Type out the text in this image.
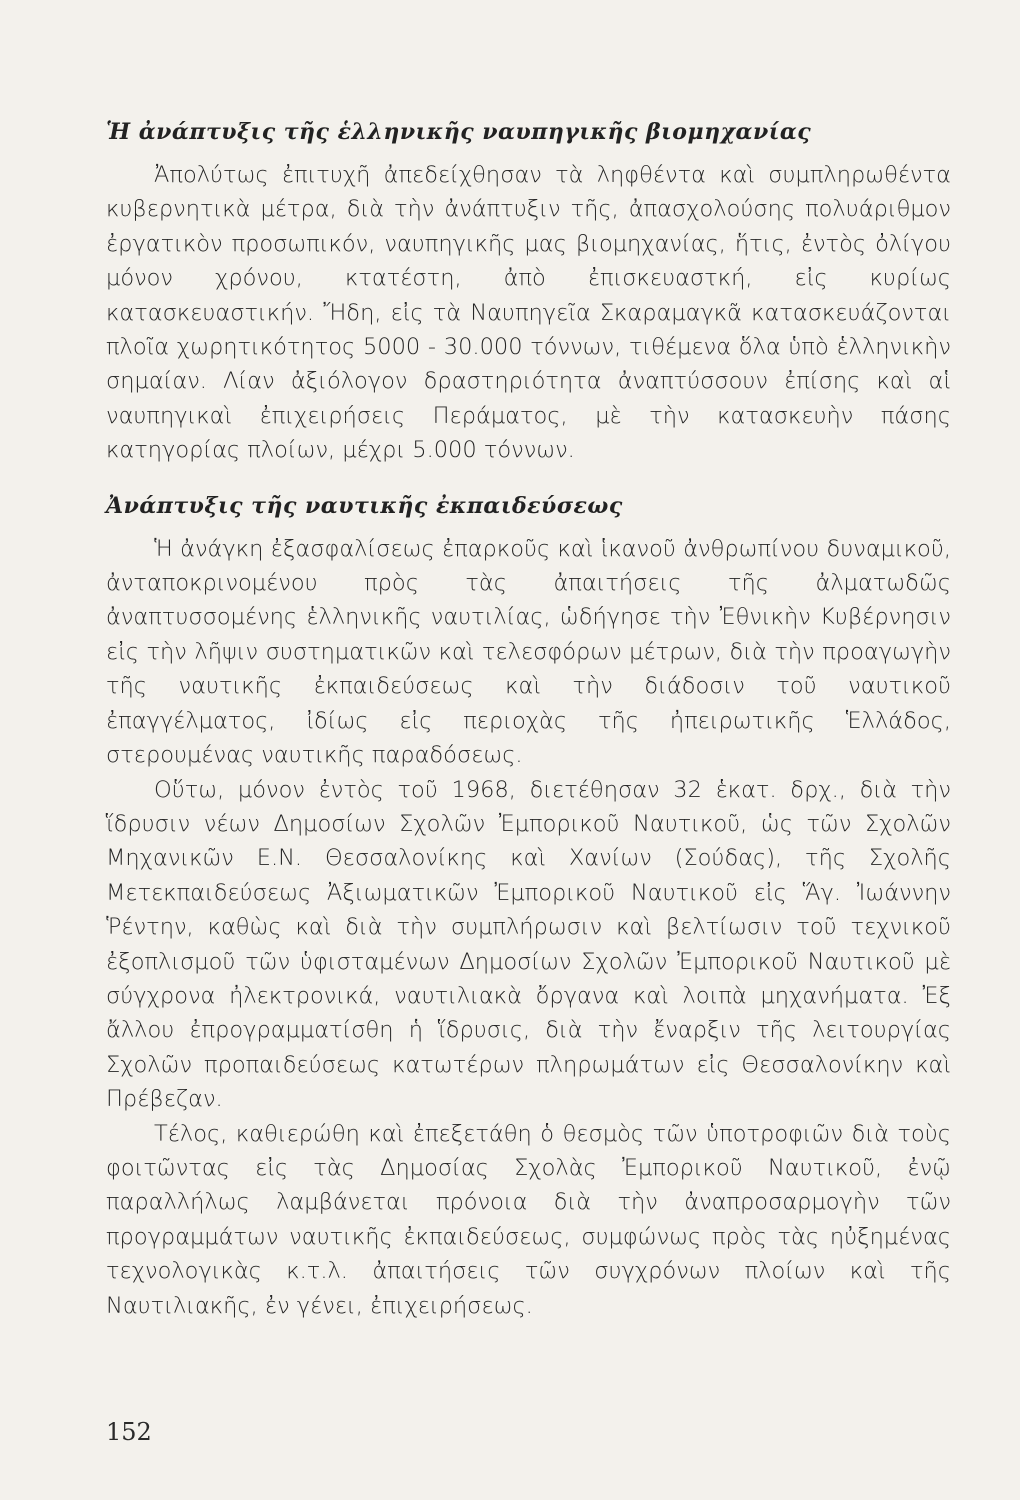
Ἡ ἀνάπτυξις τῆς ἑλληνικῆς ναυπηγικῆς βιομηχανίας

Ἀπολύτως ἐπιτυχῆ ἀπεδείχθησαν τὰ ληφθέντα καὶ συμπληρωθέντα κυβερνητικὰ μέτρα, διὰ τὴν ἀνάπτυξιν τῆς, ἀπασχολούσης πολυάριθμον ἐργατικὸν προσωπικόν, ναυπηγικῆς μας βιομηχανίας, ἥτις, ἐντὸς ὀλίγου μόνον χρόνου, κτατέστη, ἀπὸ ἐπισκευαστκή, εἰς κυρίως κατασκευαστικήν. Ἤδη, εἰς τὰ Ναυπηγεῖα Σκαραμαγκᾶ κατασκευάζονται πλοῖα χωρητικότητος 5000 - 30.000 τόννων, τιθέμενα ὅλα ὑπὸ ἑλληνικὴν σημαίαν. Λίαν ἀξιόλογον δραστηριότητα ἀναπτύσσουν ἐπίσης καὶ αἱ ναυπηγικαὶ ἐπιχειρήσεις Περάματος, μὲ τὴν κατασκευὴν πάσης κατηγορίας πλοίων, μέχρι 5.000 τόννων.

Ἀνάπτυξις τῆς ναυτικῆς ἐκπαιδεύσεως

Ἡ ἀνάγκη ἐξασφαλίσεως ἐπαρκοῦς καὶ ἱκανοῦ ἀνθρωπίνου δυναμικοῦ, ἀνταποκρινομένου πρὸς τὰς ἀπαιτήσεις τῆς ἀλματωδῶς ἀναπτυσσομένης ἑλληνικῆς ναυτιλίας, ὡδήγησε τὴν Ἐθνικὴν Κυβέρνησιν εἰς τὴν λῆψιν συστηματικῶν καὶ τελεσφόρων μέτρων, διὰ τὴν προαγωγὴν τῆς ναυτικῆς ἐκπαιδεύσεως καὶ τὴν διάδοσιν τοῦ ναυτικοῦ ἐπαγγέλματος, ἰδίως εἰς περιοχὰς τῆς ἠπειρωτικῆς Ἑλλάδος, στερουμένας ναυτικῆς παραδόσεως.

Οὕτω, μόνον ἐντὸς τοῦ 1968, διετέθησαν 32 ἑκατ. δρχ., διὰ τὴν ἵδρυσιν νέων Δημοσίων Σχολῶν Ἐμπορικοῦ Ναυτικοῦ, ὡς τῶν Σχολῶν Μηχανικῶν Ε.Ν. Θεσσαλονίκης καὶ Χανίων (Σούδας), τῆς Σχολῆς Μετεκπαιδεύσεως Ἀξιωματικῶν Ἐμπορικοῦ Ναυτικοῦ εἰς Ἅγ. Ἰωάννην Ῥέντην, καθὼς καὶ διὰ τὴν συμπλήρωσιν καὶ βελτίωσιν τοῦ τεχνικοῦ ἐξοπλισμοῦ τῶν ὑφισταμένων Δημοσίων Σχολῶν Ἐμπορικοῦ Ναυτικοῦ μὲ σύγχρονα ἠλεκτρονικά, ναυτιλιακὰ ὄργανα καὶ λοιπὰ μηχανήματα. Ἐξ ἄλλου ἐπρογραμματίσθη ἡ ἵδρυσις, διὰ τὴν ἔναρξιν τῆς λειτουργίας Σχολῶν προπαιδεύσεως κατωτέρων πληρωμάτων εἰς Θεσσαλονίκην καὶ Πρέβεζαν.

Τέλος, καθιερώθη καὶ ἐπεξετάθη ὁ θεσμὸς τῶν ὑποτροφιῶν διὰ τοὺς φοιτῶντας εἰς τὰς Δημοσίας Σχολὰς Ἐμπορικοῦ Ναυτικοῦ, ἐνῷ παραλλήλως λαμβάνεται πρόνοια διὰ τὴν ἀναπροσαρμογὴν τῶν προγραμμάτων ναυτικῆς ἐκπαιδεύσεως, συμφώνως πρὸς τὰς ηὐξημένας τεχνολογικὰς κ.τ.λ. ἀπαιτήσεις τῶν συγχρόνων πλοίων καὶ τῆς Ναυτιλιακῆς, ἐν γένει, ἐπιχειρήσεως.

152
